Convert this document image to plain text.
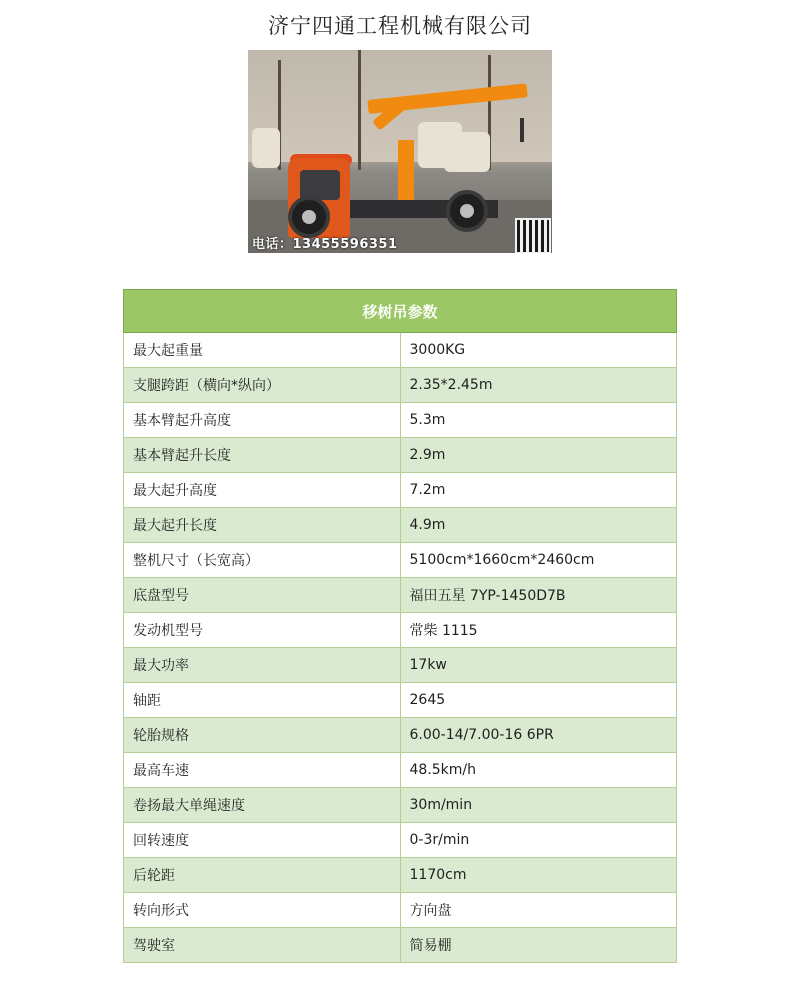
济宁四通工程机械有限公司
电话：13455596351
移树吊参数	
最大起重量	3000KG
支腿跨距（横向*纵向）	2.35*2.45m
基本臂起升高度	5.3m
基本臂起升长度	2.9m
最大起升高度	7.2m
最大起升长度	4.9m
整机尺寸（长宽高）	5100cm*1660cm*2460cm
底盘型号	福田五星 7YP-1450D7B
发动机型号	常柴 1115
最大功率	17kw
轴距	2645
轮胎规格	6.00-14/7.00-16 6PR
最高车速	48.5km/h
卷扬最大单绳速度	30m/min
回转速度	0-3r/min
后轮距	1170cm
转向形式	方向盘
驾驶室	简易棚
